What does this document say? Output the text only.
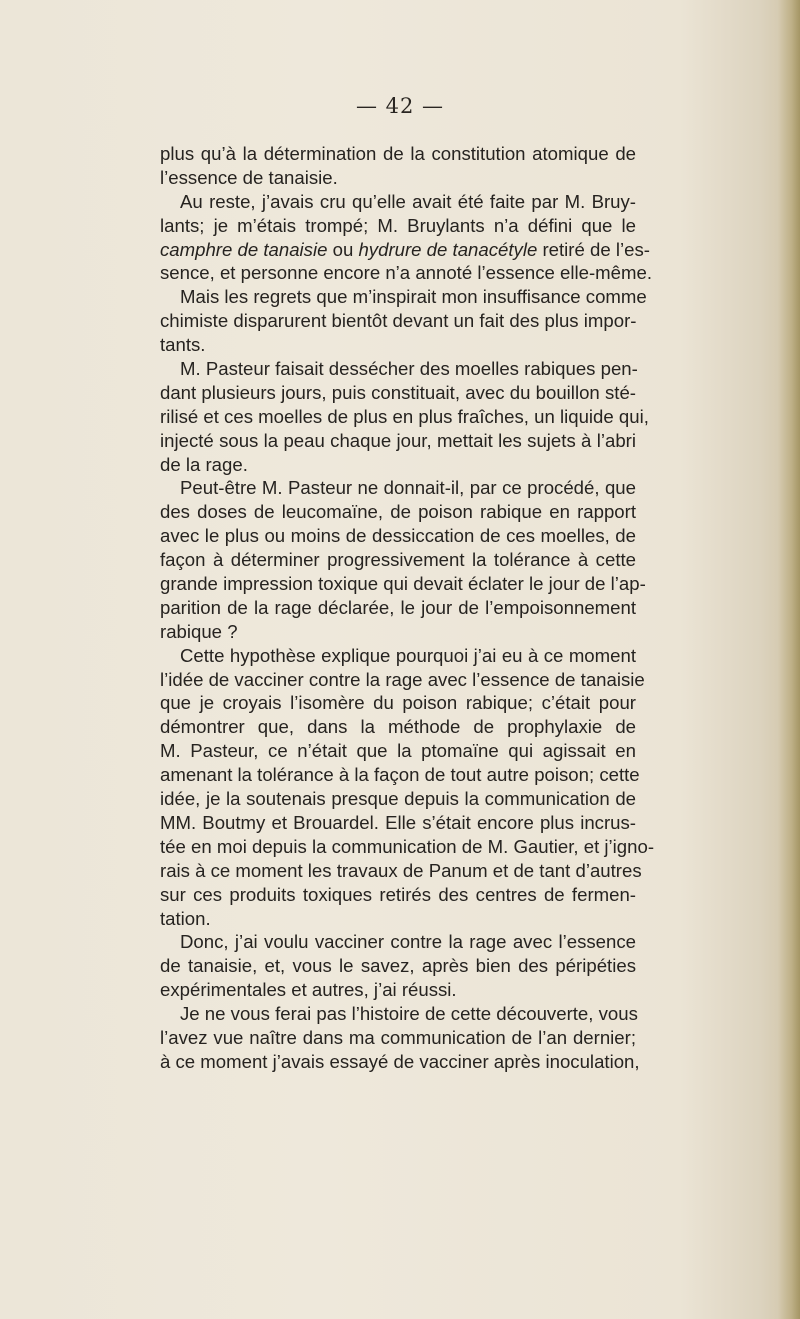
— 42 —
plus qu’à la détermination de la constitution atomique de
l’essence de tanaisie.
Au reste, j’avais cru qu’elle avait été faite par M. Bruy-
lants; je m’étais trompé; M. Bruylants n’a défini que le
camphre de tanaisie ou hydrure de tanacétyle retiré de l’es-
sence, et personne encore n’a annoté l’essence elle-même.
Mais les regrets que m’inspirait mon insuffisance comme
chimiste disparurent bientôt devant un fait des plus impor-
tants.
M. Pasteur faisait dessécher des moelles rabiques pen-
dant plusieurs jours, puis constituait, avec du bouillon sté-
rilisé et ces moelles de plus en plus fraîches, un liquide qui,
injecté sous la peau chaque jour, mettait les sujets à l’abri
de la rage.
Peut-être M. Pasteur ne donnait-il, par ce procédé, que
des doses de leucomaïne, de poison rabique en rapport
avec le plus ou moins de dessiccation de ces moelles, de
façon à déterminer progressivement la tolérance à cette
grande impression toxique qui devait éclater le jour de l’ap-
parition de la rage déclarée, le jour de l’empoisonnement
rabique ?
Cette hypothèse explique pourquoi j’ai eu à ce moment
l’idée de vacciner contre la rage avec l’essence de tanaisie
que je croyais l’isomère du poison rabique; c’était pour
démontrer que, dans la méthode de prophylaxie de
M. Pasteur, ce n’était que la ptomaïne qui agissait en
amenant la tolérance à la façon de tout autre poison; cette
idée, je la soutenais presque depuis la communication de
MM. Boutmy et Brouardel. Elle s’était encore plus incrus-
tée en moi depuis la communication de M. Gautier, et j’igno-
rais à ce moment les travaux de Panum et de tant d’autres
sur ces produits toxiques retirés des centres de fermen-
tation.
Donc, j’ai voulu vacciner contre la rage avec l’essence
de tanaisie, et, vous le savez, après bien des péripéties
expérimentales et autres, j’ai réussi.
Je ne vous ferai pas l’histoire de cette découverte, vous
l’avez vue naître dans ma communication de l’an dernier;
à ce moment j’avais essayé de vacciner après inoculation,
